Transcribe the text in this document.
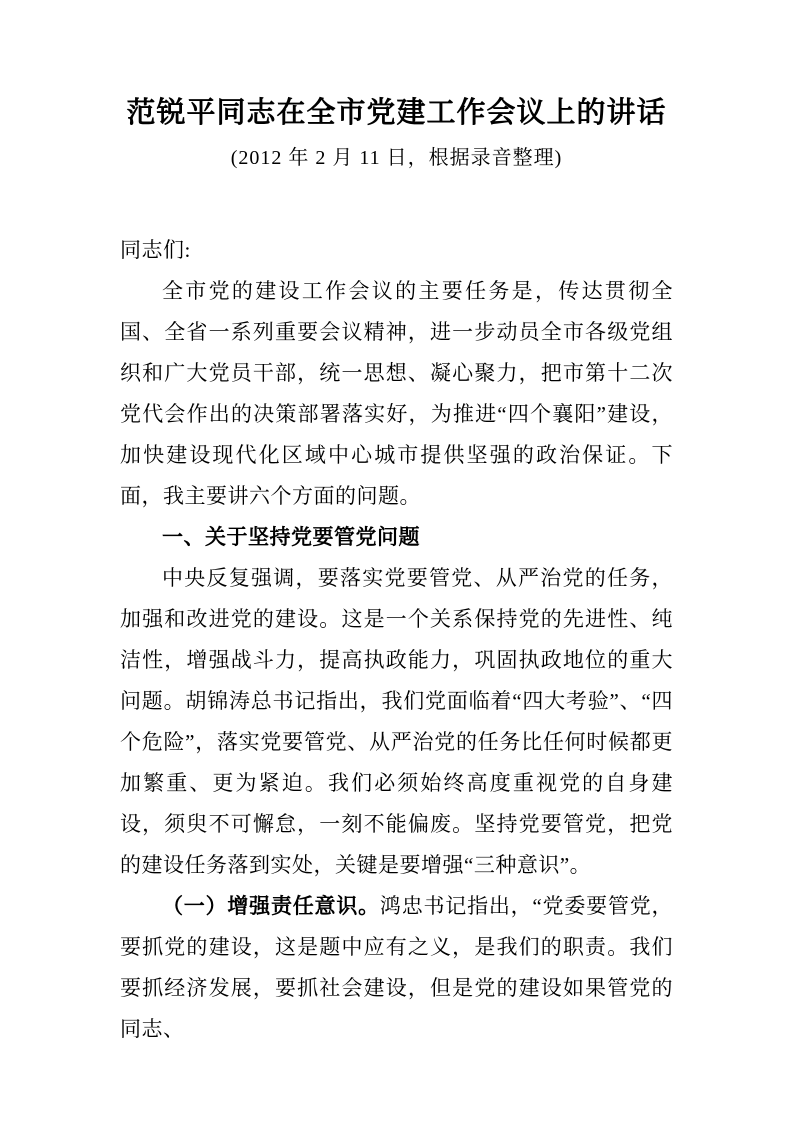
范锐平同志在全市党建工作会议上的讲话

(2012 年 2 月 11 日，根据录音整理)

同志们:

全市党的建设工作会议的主要任务是，传达贯彻全国、全省一系列重要会议精神，进一步动员全市各级党组织和广大党员干部，统一思想、凝心聚力，把市第十二次党代会作出的决策部署落实好，为推进“四个襄阳”建设，加快建设现代化区域中心城市提供坚强的政治保证。下面，我主要讲六个方面的问题。

一、关于坚持党要管党问题

中央反复强调，要落实党要管党、从严治党的任务，加强和改进党的建设。这是一个关系保持党的先进性、纯洁性，增强战斗力，提高执政能力，巩固执政地位的重大问题。胡锦涛总书记指出，我们党面临着“四大考验”、“四个危险”，落实党要管党、从严治党的任务比任何时候都更加繁重、更为紧迫。我们必须始终高度重视党的自身建设，须臾不可懈怠，一刻不能偏废。坚持党要管党，把党的建设任务落到实处，关键是要增强“三种意识”。

（一）增强责任意识。鸿忠书记指出，“党委要管党，要抓党的建设，这是题中应有之义，是我们的职责。我们要抓经济发展，要抓社会建设，但是党的建设如果管党的同志、
